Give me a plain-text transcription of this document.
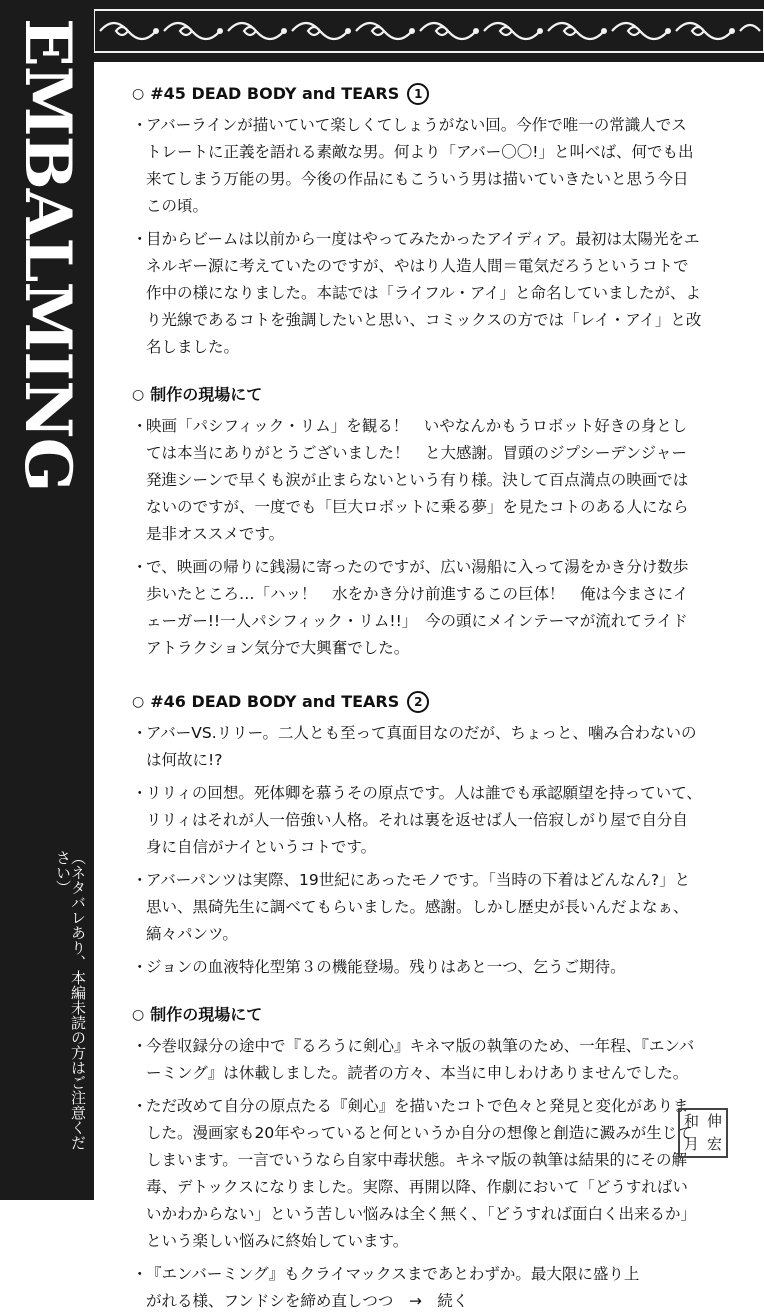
EMBALMING
（ネタバレあり、本編未読の方はご注意ください）
○ #45 DEAD BODY and TEARS	1

・
アバーラインが描いていて楽しくてしょうがない回。今作で唯一の常識人でストレートに正義を語れる素敵な男。何より「アバー〇〇!」と叫べば、何でも出来てしまう万能の男。今後の作品にもこういう男は描いていきたいと思う今日この頃。

・
目からビームは以前から一度はやってみたかったアイディア。最初は太陽光をエネルギー源に考えていたのですが、やはり人造人間＝電気だろうというコトで作中の様になりました。本誌では「ライフル・アイ」と命名していましたが、より光線であるコトを強調したいと思い、コミックスの方では「レイ・アイ」と改名しました。

○ 制作の現場にて

・
映画「パシフィック・リム」を観る！　いやなんかもうロボット好きの身としては本当にありがとうございました！　と大感謝。冒頭のジプシーデンジャー発進シーンで早くも涙が止まらないという有り様。決して百点満点の映画ではないのですが、一度でも「巨大ロボットに乗る夢」を見たコトのある人になら是非オススメです。

・
で、映画の帰りに銭湯に寄ったのですが、広い湯船に入って湯をかき分け数歩歩いたところ…「ハッ！　水をかき分け前進するこの巨体！　俺は今まさにイェーガー!!一人パシフィック・リム!!」　今の頭にメインテーマが流れてライドアトラクション気分で大興奮でした。

○ #46 DEAD BODY and TEARS	2

・
アバーVS.リリー。二人とも至って真面目なのだが、ちょっと、噛み合わないのは何故に!?

・
リリィの回想。死体卿を慕うその原点です。人は誰でも承認願望を持っていて、リリィはそれが人一倍強い人格。それは裏を返せば人一倍寂しがり屋で自分自身に自信がナイというコトです。

・
アバーパンツは実際、19世紀にあったモノです。「当時の下着はどんなん?」と思い、黒碕先生に調べてもらいました。感謝。しかし歴史が長いんだよなぁ、縞々パンツ。

・
ジョンの血液特化型第３の機能登場。残りはあと一つ、乞うご期待。

○ 制作の現場にて

・
今巻収録分の途中で『るろうに剣心』キネマ版の執筆のため、一年程、『エンバーミング』は休載しました。読者の方々、本当に申しわけありませんでした。

・
ただ改めて自分の原点たる『剣心』を描いたコトで色々と発見と変化がありました。漫画家も20年やっていると何というか自分の想像と創造に澱みが生じてしまいます。一言でいうなら自家中毒状態。キネマ版の執筆は結果的にその解毒、デトックスになりました。実際、再開以降、作劇において「どうすればいいかわからない」という苦しい悩みは全く無く、「どうすれば面白く出来るか」という楽しい悩みに終始しています。

・
『エンバーミング』もクライマックスまであとわずか。最大限に盛り上がれる様、フンドシを締め直しつつ　→　続く

和 伸
月 宏
